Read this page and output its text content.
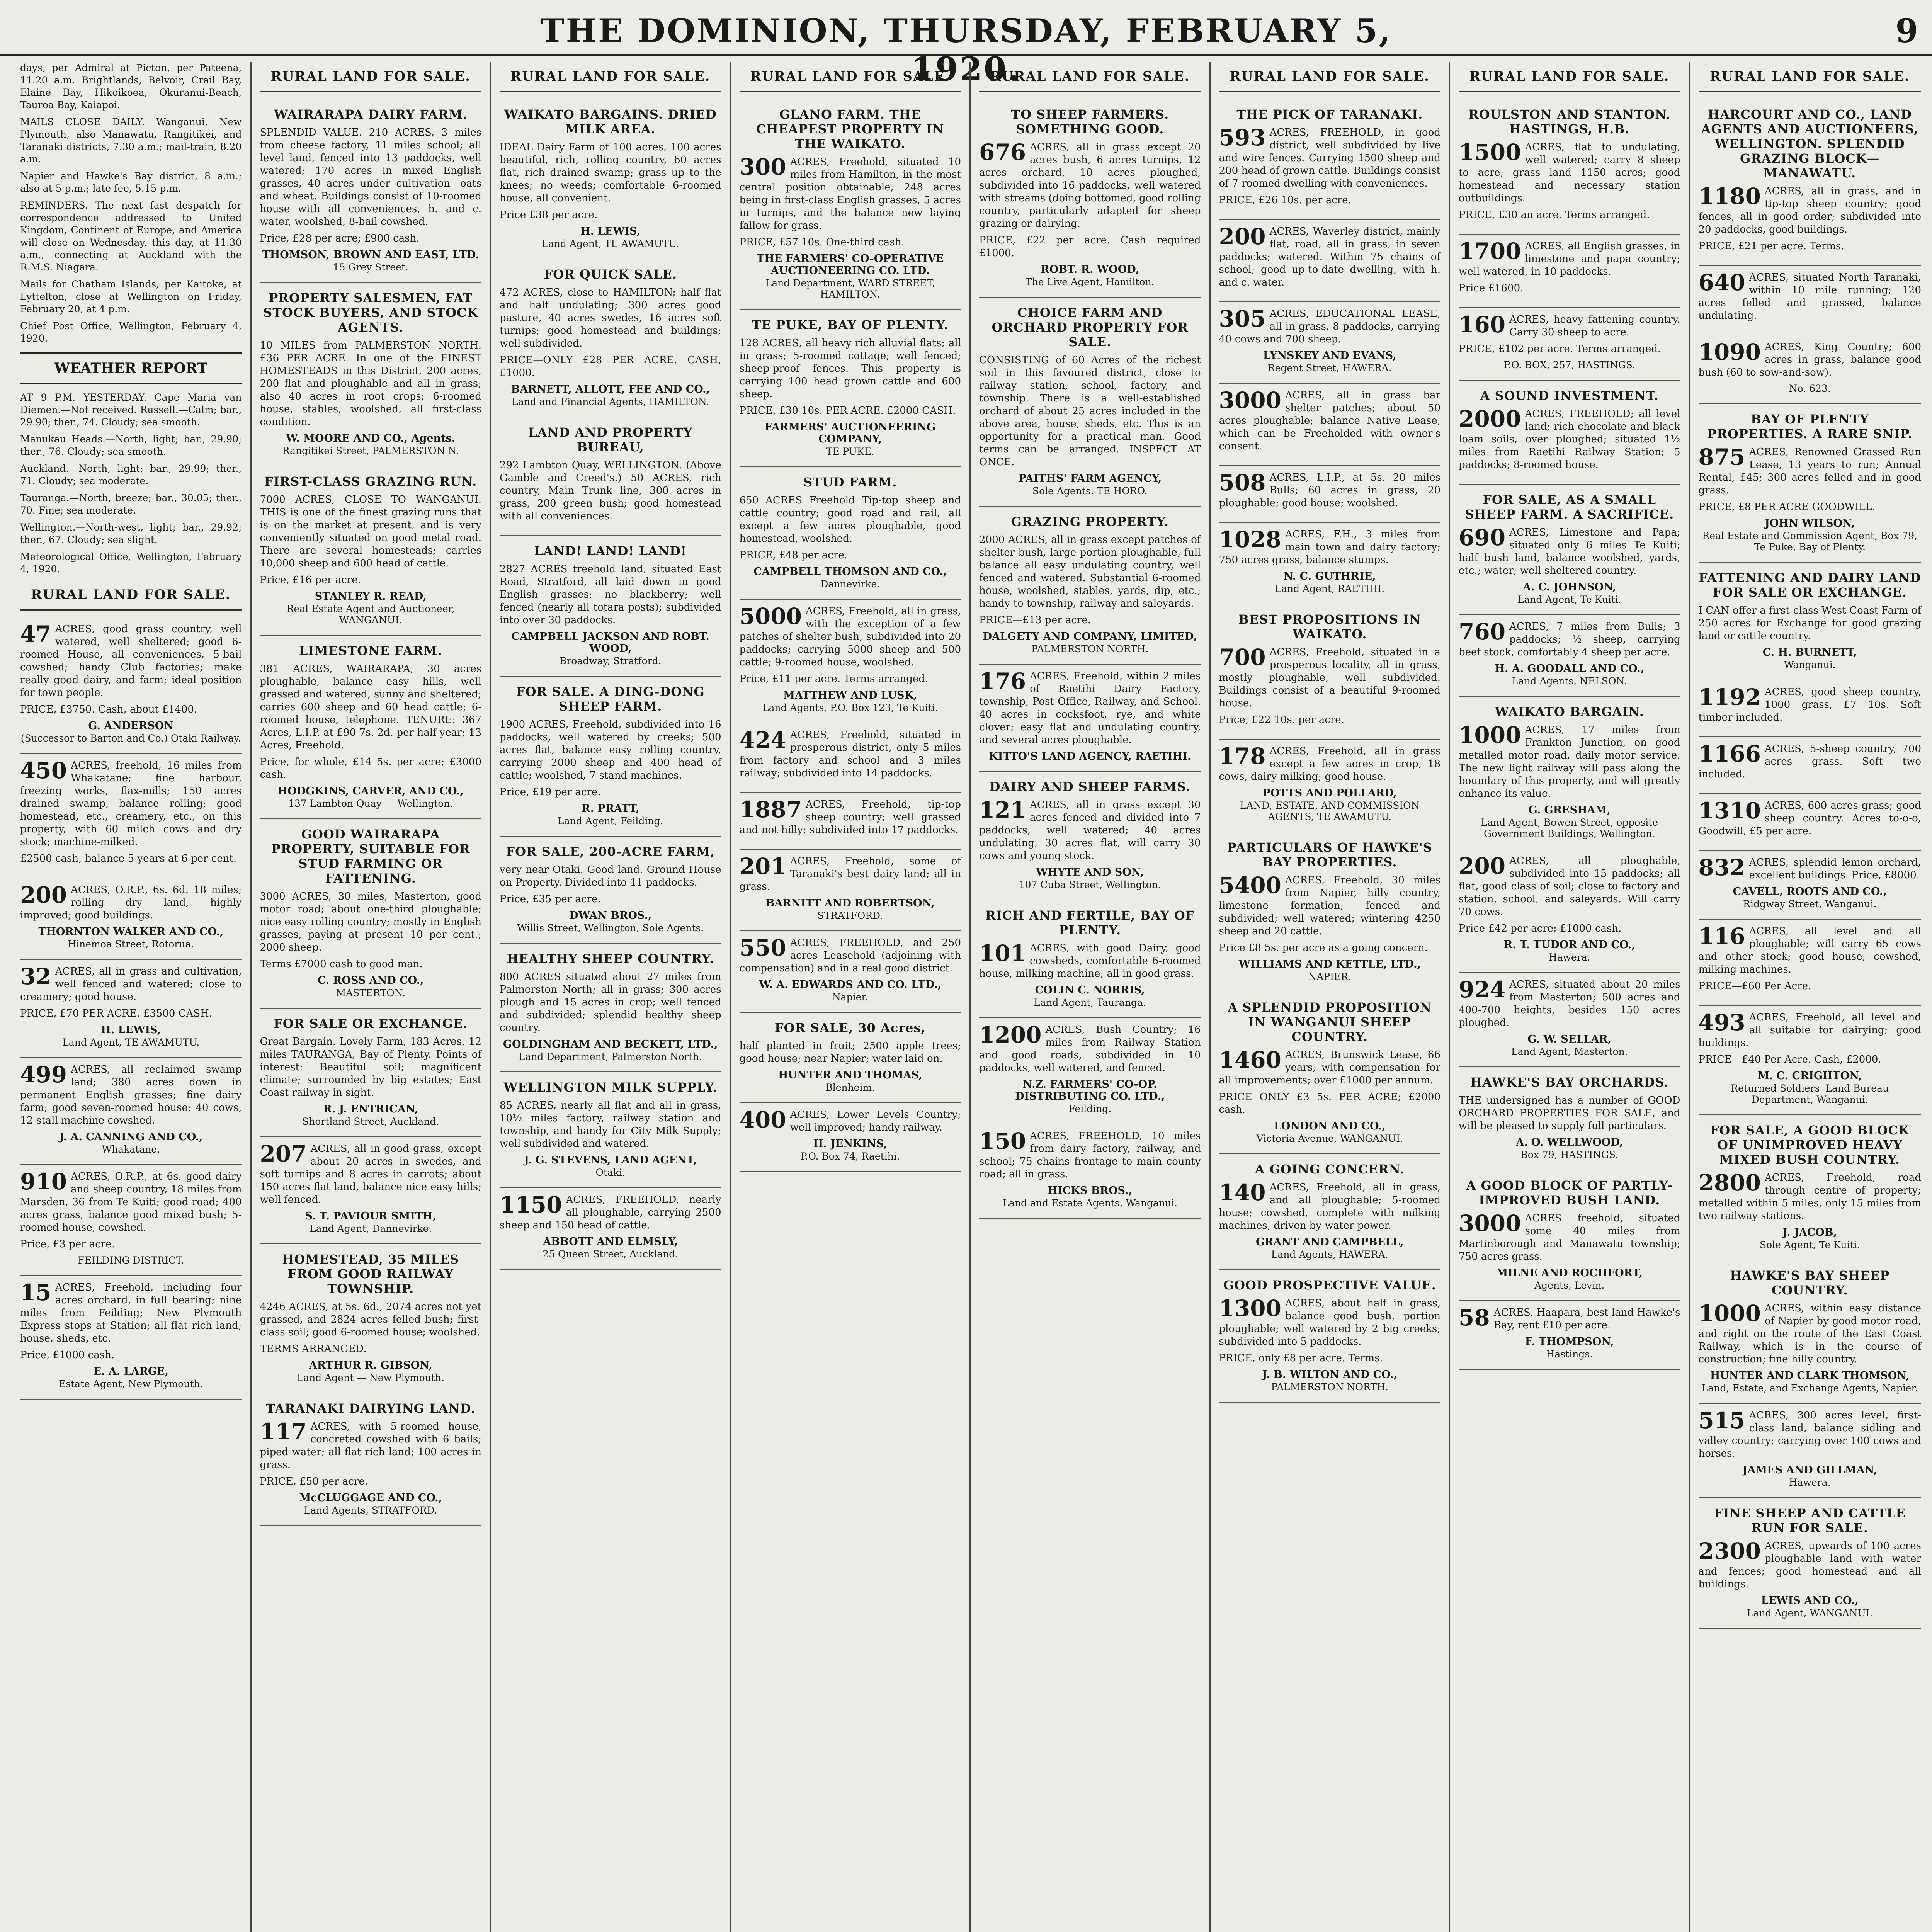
THE DOMINION, THURSDAY, FEBRUARY 5, 1920.
9

days, per Admiral at Picton, per Pateena, 11.20 a.m. Brightlands, Belvoir, Crail Bay, Elaine Bay, Hikoikoea, Okuranui-Beach, Tauroa Bay, Kaiapoi.

MAILS CLOSE DAILY. Wanganui, New Plymouth, also Manawatu, Rangitikei, and Taranaki districts, 7.30 a.m.; mail-train, 8.20 a.m.

Napier and Hawke's Bay district, 8 a.m.; also at 5 p.m.; late fee, 5.15 p.m.

REMINDERS. The next fast despatch for correspondence addressed to United Kingdom, Continent of Europe, and America will close on Wednesday, this day, at 11.30 a.m., connecting at Auckland with the R.M.S. Niagara.

Mails for Chatham Islands, per Kaitoke, at Lyttelton, close at Wellington on Friday, February 20, at 4 p.m.

Chief Post Office, Wellington, February 4, 1920.

WEATHER REPORT

AT 9 P.M. YESTERDAY. Cape Maria van Diemen.—Not received. Russell.—Calm; bar., 29.90; ther., 74. Cloudy; sea smooth.

Manukau Heads.—North, light; bar., 29.90; ther., 76. Cloudy; sea smooth.

Auckland.—North, light; bar., 29.99; ther., 71. Cloudy; sea moderate.

Tauranga.—North, breeze; bar., 30.05; ther., 70. Fine; sea moderate.

Wellington.—North-west, light; bar., 29.92; ther., 67. Cloudy; sea slight.

Meteorological Office, Wellington, February 4, 1920.

RURAL LAND FOR SALE.

47 ACRES, good grass country, well watered, well sheltered; good 6-roomed House, all conveniences, 5-bail cowshed; handy Club factories; make really good dairy, and farm; ideal position for town people.

PRICE, £3750. Cash, about £1400.

G. ANDERSON
(Successor to Barton and Co.) Otaki Railway.

450 ACRES, freehold, 16 miles from Whakatane; fine harbour, freezing works, flax-mills; 150 acres drained swamp, balance rolling; good homestead, etc., creamery, etc., on this property, with 60 milch cows and dry stock; machine-milked.

£2500 cash, balance 5 years at 6 per cent.

200 ACRES, O.R.P., 6s. 6d. 18 miles; rolling dry land, highly improved; good buildings.

THORNTON WALKER AND CO.,
Hinemoa Street, Rotorua.

32 ACRES, all in grass and cultivation, well fenced and watered; close to creamery; good house.

PRICE, £70 PER ACRE. £3500 CASH.

H. LEWIS,
Land Agent, TE AWAMUTU.

499 ACRES, all reclaimed swamp land; 380 acres down in permanent English grasses; fine dairy farm; good seven-roomed house; 40 cows, 12-stall machine cowshed.

J. A. CANNING AND CO.,
Whakatane.

910 ACRES, O.R.P., at 6s. good dairy and sheep country, 18 miles from Marsden, 36 from Te Kuiti; good road; 400 acres grass, balance good mixed bush; 5-roomed house, cowshed.

Price, £3 per acre.

FEILDING DISTRICT.

15 ACRES, Freehold, including four acres orchard, in full bearing; nine miles from Feilding; New Plymouth Express stops at Station; all flat rich land; house, sheds, etc.

Price, £1000 cash.

E. A. LARGE,
Estate Agent, New Plymouth.
RURAL LAND FOR SALE.
WAIRARAPA DAIRY FARM.

SPLENDID VALUE. 210 ACRES, 3 miles from cheese factory, 11 miles school; all level land, fenced into 13 paddocks, well watered; 170 acres in mixed English grasses, 40 acres under cultivation—oats and wheat. Buildings consist of 10-roomed house with all conveniences, h. and c. water, woolshed, 8-bail cowshed.

Price, £28 per acre; £900 cash.

THOMSON, BROWN AND EAST, LTD.
15 Grey Street.
PROPERTY SALESMEN, FAT STOCK BUYERS, AND STOCK AGENTS.

10 MILES from PALMERSTON NORTH. £36 PER ACRE. In one of the FINEST HOMESTEADS in this District. 200 acres, 200 flat and ploughable and all in grass; also 40 acres in root crops; 6-roomed house, stables, woolshed, all first-class condition.

W. MOORE AND CO., Agents.
Rangitikei Street, PALMERSTON N.
FIRST-CLASS GRAZING RUN.

7000 ACRES, CLOSE TO WANGANUI. THIS is one of the finest grazing runs that is on the market at present, and is very conveniently situated on good metal road. There are several homesteads; carries 10,000 sheep and 600 head of cattle.

Price, £16 per acre.

STANLEY R. READ,
Real Estate Agent and Auctioneer, WANGANUI.
LIMESTONE FARM.

381 ACRES, WAIRARAPA, 30 acres ploughable, balance easy hills, well grassed and watered, sunny and sheltered; carries 600 sheep and 60 head cattle; 6-roomed house, telephone. TENURE: 367 Acres, L.I.P. at £90 7s. 2d. per half-year; 13 Acres, Freehold.

Price, for whole, £14 5s. per acre; £3000 cash.

HODGKINS, CARVER, AND CO.,
137 Lambton Quay — Wellington.
GOOD WAIRARAPA PROPERTY, SUITABLE FOR STUD FARMING OR FATTENING.

3000 ACRES, 30 miles, Masterton, good motor road; about one-third ploughable; nice easy rolling country; mostly in English grasses, paying at present 10 per cent.; 2000 sheep.

Terms £7000 cash to good man.

C. ROSS AND CO.,
MASTERTON.
FOR SALE OR EXCHANGE.

Great Bargain. Lovely Farm, 183 Acres, 12 miles TAURANGA, Bay of Plenty. Points of interest: Beautiful soil; magnificent climate; surrounded by big estates; East Coast railway in sight.

R. J. ENTRICAN,
Shortland Street, Auckland.

207 ACRES, all in good grass, except about 20 acres in swedes, and soft turnips and 8 acres in carrots; about 150 acres flat land, balance nice easy hills; well fenced.

S. T. PAVIOUR SMITH,
Land Agent, Dannevirke.
HOMESTEAD, 35 MILES FROM GOOD RAILWAY TOWNSHIP.

4246 ACRES, at 5s. 6d., 2074 acres not yet grassed, and 2824 acres felled bush; first-class soil; good 6-roomed house; woolshed.

TERMS ARRANGED.

ARTHUR R. GIBSON,
Land Agent — New Plymouth.
TARANAKI DAIRYING LAND.

117 ACRES, with 5-roomed house, concreted cowshed with 6 bails; piped water; all flat rich land; 100 acres in grass.

PRICE, £50 per acre.

McCLUGGAGE AND CO.,
Land Agents, STRATFORD.
RURAL LAND FOR SALE.
WAIKATO BARGAINS. DRIED MILK AREA.

IDEAL Dairy Farm of 100 acres, 100 acres beautiful, rich, rolling country, 60 acres flat, rich drained swamp; grass up to the knees; no weeds; comfortable 6-roomed house, all convenient.

Price £38 per acre.

H. LEWIS,
Land Agent, TE AWAMUTU.
FOR QUICK SALE.

472 ACRES, close to HAMILTON; half flat and half undulating; 300 acres good pasture, 40 acres swedes, 16 acres soft turnips; good homestead and buildings; well subdivided.

PRICE—ONLY £28 PER ACRE. CASH, £1000.

BARNETT, ALLOTT, FEE AND CO.,
Land and Financial Agents, HAMILTON.
LAND AND PROPERTY BUREAU,

292 Lambton Quay, WELLINGTON. (Above Gamble and Creed's.) 50 ACRES, rich country, Main Trunk line, 300 acres in grass, 200 green bush; good homestead with all conveniences.

LAND! LAND! LAND!

2827 ACRES freehold land, situated East Road, Stratford, all laid down in good English grasses; no blackberry; well fenced (nearly all totara posts); subdivided into over 30 paddocks.

CAMPBELL JACKSON AND ROBT. WOOD,
Broadway, Stratford.
FOR SALE. A DING-DONG SHEEP FARM.

1900 ACRES, Freehold, subdivided into 16 paddocks, well watered by creeks; 500 acres flat, balance easy rolling country, carrying 2000 sheep and 400 head of cattle; woolshed, 7-stand machines.

Price, £19 per acre.

R. PRATT,
Land Agent, Feilding.
FOR SALE, 200-ACRE FARM,

very near Otaki. Good land. Ground House on Property. Divided into 11 paddocks.

Price, £35 per acre.

DWAN BROS.,
Willis Street, Wellington, Sole Agents.
HEALTHY SHEEP COUNTRY.

800 ACRES situated about 27 miles from Palmerston North; all in grass; 300 acres plough and 15 acres in crop; well fenced and subdivided; splendid healthy sheep country.

GOLDINGHAM AND BECKETT, LTD.,
Land Department, Palmerston North.
WELLINGTON MILK SUPPLY.

85 ACRES, nearly all flat and all in grass, 10½ miles factory, railway station and township, and handy for City Milk Supply; well subdivided and watered.

J. G. STEVENS, LAND AGENT,
Otaki.

1150 ACRES, FREEHOLD, nearly all ploughable, carrying 2500 sheep and 150 head of cattle.

ABBOTT AND ELMSLY,
25 Queen Street, Auckland.
RURAL LAND FOR SALE.
GLANO FARM. THE CHEAPEST PROPERTY IN THE WAIKATO.

300 ACRES, Freehold, situated 10 miles from Hamilton, in the most central position obtainable, 248 acres being in first-class English grasses, 5 acres in turnips, and the balance new laying fallow for grass.

PRICE, £57 10s. One-third cash.

THE FARMERS' CO-OPERATIVE AUCTIONEERING CO. LTD.
Land Department, WARD STREET, HAMILTON.
TE PUKE, BAY OF PLENTY.

128 ACRES, all heavy rich alluvial flats; all in grass; 5-roomed cottage; well fenced; sheep-proof fences. This property is carrying 100 head grown cattle and 600 sheep.

PRICE, £30 10s. PER ACRE. £2000 CASH.

FARMERS' AUCTIONEERING COMPANY,
TE PUKE.
STUD FARM.

650 ACRES Freehold Tip-top sheep and cattle country; good road and rail, all except a few acres ploughable, good homestead, woolshed.

PRICE, £48 per acre.

CAMPBELL THOMSON AND CO.,
Dannevirke.

5000 ACRES, Freehold, all in grass, with the exception of a few patches of shelter bush, subdivided into 20 paddocks; carrying 5000 sheep and 500 cattle; 9-roomed house, woolshed.

Price, £11 per acre. Terms arranged.

MATTHEW AND LUSK,
Land Agents, P.O. Box 123, Te Kuiti.

424 ACRES, Freehold, situated in prosperous district, only 5 miles from factory and school and 3 miles railway; subdivided into 14 paddocks.

1887 ACRES, Freehold, tip-top sheep country; well grassed and not hilly; subdivided into 17 paddocks.

201 ACRES, Freehold, some of Taranaki's best dairy land; all in grass.

BARNITT AND ROBERTSON,
STRATFORD.

550 ACRES, FREEHOLD, and 250 acres Leasehold (adjoining with compensation) and in a real good district.

W. A. EDWARDS AND CO. LTD.,
Napier.
FOR SALE, 30 Acres,

half planted in fruit; 2500 apple trees; good house; near Napier; water laid on.

HUNTER AND THOMAS,
Blenheim.

400 ACRES, Lower Levels Country; well improved; handy railway.

H. JENKINS,
P.O. Box 74, Raetihi.
RURAL LAND FOR SALE.
TO SHEEP FARMERS. SOMETHING GOOD.

676 ACRES, all in grass except 20 acres bush, 6 acres turnips, 12 acres orchard, 10 acres ploughed, subdivided into 16 paddocks, well watered with streams (doing bottomed, good rolling country, particularly adapted for sheep grazing or dairying.

PRICE, £22 per acre. Cash required £1000.

ROBT. R. WOOD,
The Live Agent, Hamilton.
CHOICE FARM AND ORCHARD PROPERTY FOR SALE.

CONSISTING of 60 Acres of the richest soil in this favoured district, close to railway station, school, factory, and township. There is a well-established orchard of about 25 acres included in the above area, house, sheds, etc. This is an opportunity for a practical man. Good terms can be arranged. INSPECT AT ONCE.

PAITHS' FARM AGENCY,
Sole Agents, TE HORO.
GRAZING PROPERTY.

2000 ACRES, all in grass except patches of shelter bush, large portion ploughable, full balance all easy undulating country, well fenced and watered. Substantial 6-roomed house, woolshed, stables, yards, dip, etc.; handy to township, railway and saleyards.

PRICE—£13 per acre.

DALGETY AND COMPANY, LIMITED,
PALMERSTON NORTH.

176 ACRES, Freehold, within 2 miles of Raetihi Dairy Factory, township, Post Office, Railway, and School. 40 acres in cocksfoot, rye, and white clover; easy flat and undulating country, and several acres ploughable.

KITTO'S LAND AGENCY, RAETIHI.
DAIRY AND SHEEP FARMS.

121 ACRES, all in grass except 30 acres fenced and divided into 7 paddocks, well watered; 40 acres undulating, 30 acres flat, will carry 30 cows and young stock.

WHYTE AND SON,
107 Cuba Street, Wellington.
RICH AND FERTILE, BAY OF PLENTY.

101 ACRES, with good Dairy, good cowsheds, comfortable 6-roomed house, milking machine; all in good grass.

COLIN C. NORRIS,
Land Agent, Tauranga.

1200 ACRES, Bush Country; 16 miles from Railway Station and good roads, subdivided in 10 paddocks, well watered, and fenced.

N.Z. FARMERS' CO-OP. DISTRIBUTING CO. LTD.,
Feilding.

150 ACRES, FREEHOLD, 10 miles from dairy factory, railway, and school; 75 chains frontage to main county road; all in grass.

HICKS BROS.,
Land and Estate Agents, Wanganui.
RURAL LAND FOR SALE.
THE PICK OF TARANAKI.

593 ACRES, FREEHOLD, in good district, well subdivided by live and wire fences. Carrying 1500 sheep and 200 head of grown cattle. Buildings consist of 7-roomed dwelling with conveniences.

PRICE, £26 10s. per acre.

200 ACRES, Waverley district, mainly flat, road, all in grass, in seven paddocks; watered. Within 75 chains of school; good up-to-date dwelling, with h. and c. water.

305 ACRES, EDUCATIONAL LEASE, all in grass, 8 paddocks, carrying 40 cows and 700 sheep.

LYNSKEY AND EVANS,
Regent Street, HAWERA.

3000 ACRES, all in grass bar shelter patches; about 50 acres ploughable; balance Native Lease, which can be Freeholded with owner's consent.

508 ACRES, L.I.P., at 5s. 20 miles Bulls; 60 acres in grass, 20 ploughable; good house; woolshed.

1028 ACRES, F.H., 3 miles from main town and dairy factory; 750 acres grass, balance stumps.

N. C. GUTHRIE,
Land Agent, RAETIHI.
BEST PROPOSITIONS IN WAIKATO.

700 ACRES, Freehold, situated in a prosperous locality, all in grass, mostly ploughable, well subdivided. Buildings consist of a beautiful 9-roomed house.

Price, £22 10s. per acre.

178 ACRES, Freehold, all in grass except a few acres in crop, 18 cows, dairy milking; good house.

POTTS AND POLLARD,
LAND, ESTATE, AND COMMISSION AGENTS, TE AWAMUTU.
PARTICULARS OF HAWKE'S BAY PROPERTIES.

5400 ACRES, Freehold, 30 miles from Napier, hilly country, limestone formation; fenced and subdivided; well watered; wintering 4250 sheep and 20 cattle.

Price £8 5s. per acre as a going concern.

WILLIAMS AND KETTLE, LTD.,
NAPIER.
A SPLENDID PROPOSITION IN WANGANUI SHEEP COUNTRY.

1460 ACRES, Brunswick Lease, 66 years, with compensation for all improvements; over £1000 per annum.

PRICE ONLY £3 5s. PER ACRE; £2000 cash.

LONDON AND CO.,
Victoria Avenue, WANGANUI.
A GOING CONCERN.

140 ACRES, Freehold, all in grass, and all ploughable; 5-roomed house; cowshed, complete with milking machines, driven by water power.

GRANT AND CAMPBELL,
Land Agents, HAWERA.
GOOD PROSPECTIVE VALUE.

1300 ACRES, about half in grass, balance good bush, portion ploughable; well watered by 2 big creeks; subdivided into 5 paddocks.

PRICE, only £8 per acre. Terms.

J. B. WILTON AND CO.,
PALMERSTON NORTH.
RURAL LAND FOR SALE.
ROULSTON AND STANTON. HASTINGS, H.B.

1500 ACRES, flat to undulating, well watered; carry 8 sheep to acre; grass land 1150 acres; good homestead and necessary station outbuildings.

PRICE, £30 an acre. Terms arranged.

1700 ACRES, all English grasses, in limestone and papa country; well watered, in 10 paddocks.

Price £1600.

160 ACRES, heavy fattening country. Carry 30 sheep to acre.

PRICE, £102 per acre. Terms arranged.

P.O. BOX, 257, HASTINGS.
A SOUND INVESTMENT.

2000 ACRES, FREEHOLD; all level land; rich chocolate and black loam soils, over ploughed; situated 1½ miles from Raetihi Railway Station; 5 paddocks; 8-roomed house.

FOR SALE, AS A SMALL SHEEP FARM. A SACRIFICE.

690 ACRES, Limestone and Papa; situated only 6 miles Te Kuiti; half bush land, balance woolshed, yards, etc.; water; well-sheltered country.

A. C. JOHNSON,
Land Agent, Te Kuiti.

760 ACRES, 7 miles from Bulls; 3 paddocks; ½ sheep, carrying beef stock, comfortably 4 sheep per acre.

H. A. GOODALL AND CO.,
Land Agents, NELSON.
WAIKATO BARGAIN.

1000 ACRES, 17 miles from Frankton Junction, on good metalled motor road, daily motor service. The new light railway will pass along the boundary of this property, and will greatly enhance its value.

G. GRESHAM,
Land Agent, Bowen Street, opposite Government Buildings, Wellington.

200 ACRES, all ploughable, subdivided into 15 paddocks; all flat, good class of soil; close to factory and station, school, and saleyards. Will carry 70 cows.

Price £42 per acre; £1000 cash.

R. T. TUDOR AND CO.,
Hawera.

924 ACRES, situated about 20 miles from Masterton; 500 acres and 400-700 heights, besides 150 acres ploughed.

G. W. SELLAR,
Land Agent, Masterton.
HAWKE'S BAY ORCHARDS.

THE undersigned has a number of GOOD ORCHARD PROPERTIES FOR SALE, and will be pleased to supply full particulars.

A. O. WELLWOOD,
Box 79, HASTINGS.
A GOOD BLOCK OF PARTLY-IMPROVED BUSH LAND.

3000 ACRES freehold, situated some 40 miles from Martinborough and Manawatu township; 750 acres grass.

MILNE AND ROCHFORT,
Agents, Levin.

58 ACRES, Haapara, best land Hawke's Bay, rent £10 per acre.

F. THOMPSON,
Hastings.
RURAL LAND FOR SALE.
HARCOURT AND CO., LAND AGENTS AND AUCTIONEERS, WELLINGTON. SPLENDID GRAZING BLOCK—MANAWATU.

1180 ACRES, all in grass, and in tip-top sheep country; good fences, all in good order; subdivided into 20 paddocks, good buildings.

PRICE, £21 per acre. Terms.

640 ACRES, situated North Taranaki, within 10 mile running; 120 acres felled and grassed, balance undulating.

1090 ACRES, King Country; 600 acres in grass, balance good bush (60 to sow-and-sow).

No. 623.
BAY OF PLENTY PROPERTIES. A RARE SNIP.

875 ACRES, Renowned Grassed Run Lease, 13 years to run; Annual Rental, £45; 300 acres felled and in good grass.

PRICE, £8 PER ACRE GOODWILL.

JOHN WILSON,
Real Estate and Commission Agent, Box 79, Te Puke, Bay of Plenty.
FATTENING AND DAIRY LAND FOR SALE OR EXCHANGE.

I CAN offer a first-class West Coast Farm of 250 acres for Exchange for good grazing land or cattle country.

C. H. BURNETT,
Wanganui.

1192 ACRES, good sheep country, 1000 grass, £7 10s. Soft timber included.

1166 ACRES, 5-sheep country, 700 acres grass. Soft two included.

1310 ACRES, 600 acres grass; good sheep country. Acres to-o-o, Goodwill, £5 per acre.

832 ACRES, splendid lemon orchard, excellent buildings. Price, £8000.

CAVELL, ROOTS AND CO.,
Ridgway Street, Wanganui.

116 ACRES, all level and all ploughable; will carry 65 cows and other stock; good house; cowshed, milking machines.

PRICE—£60 Per Acre.

493 ACRES, Freehold, all level and all suitable for dairying; good buildings.

PRICE—£40 Per Acre. Cash, £2000.

M. C. CRIGHTON,
Returned Soldiers' Land Bureau Department, Wanganui.
FOR SALE, A GOOD BLOCK OF UNIMPROVED HEAVY MIXED BUSH COUNTRY.

2800 ACRES, Freehold, road through centre of property; metalled within 5 miles, only 15 miles from two railway stations.

J. JACOB,
Sole Agent, Te Kuiti.
HAWKE'S BAY SHEEP COUNTRY.

1000 ACRES, within easy distance of Napier by good motor road, and right on the route of the East Coast Railway, which is in the course of construction; fine hilly country.

HUNTER AND CLARK THOMSON,
Land, Estate, and Exchange Agents, Napier.

515 ACRES, 300 acres level, first-class land, balance sidling and valley country; carrying over 100 cows and horses.

JAMES AND GILLMAN,
Hawera.
FINE SHEEP AND CATTLE RUN FOR SALE.

2300 ACRES, upwards of 100 acres ploughable land with water and fences; good homestead and all buildings.

LEWIS AND CO.,
Land Agent, WANGANUI.
